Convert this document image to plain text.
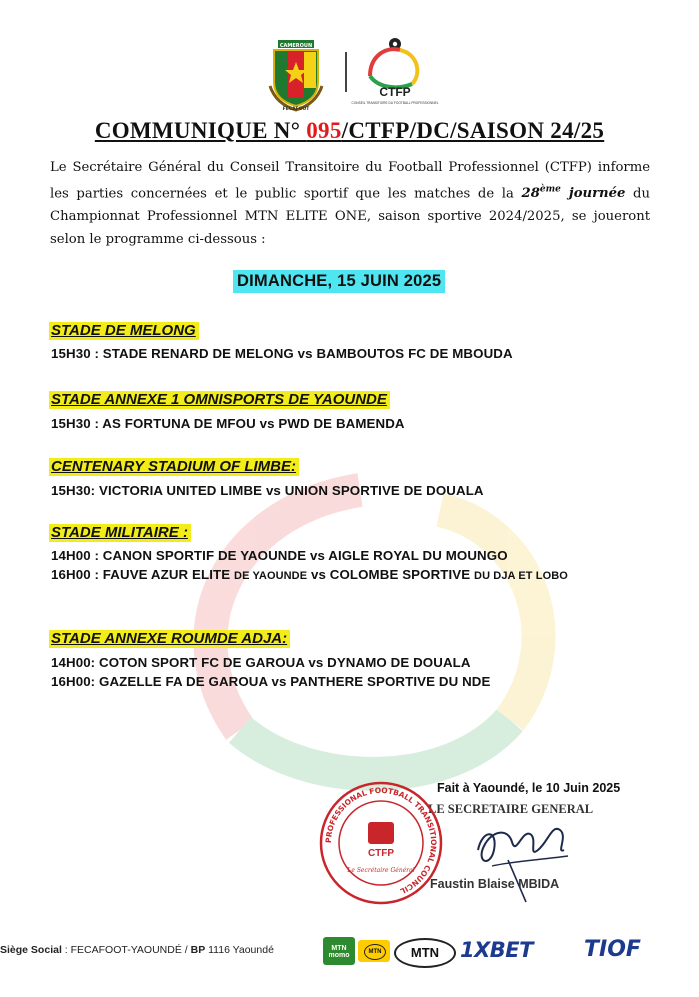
CAMEROUN
FECAFOOT
CTFP
CONSEIL TRANSITOIRE DU FOOTBALL PROFESSIONNEL
COMMUNIQUE N° 095/CTFP/DC/SAISON 24/25
Le Secrétaire Général du Conseil Transitoire du Football Professionnel (CTFP) informe les parties concernées et le public sportif que les matches de la 28ème journée du Championnat Professionnel MTN ELITE ONE, saison sportive 2024/2025, se joueront selon le programme ci-dessous :
DIMANCHE, 15 JUIN 2025
STADE DE MELONG
15H30 : STADE RENARD DE MELONG vs BAMBOUTOS FC DE MBOUDA
STADE ANNEXE 1 OMNISPORTS DE YAOUNDE
15H30 : AS FORTUNA DE MFOU vs PWD DE BAMENDA
CENTENARY STADIUM OF LIMBE:
15H30: VICTORIA UNITED LIMBE vs UNION SPORTIVE DE DOUALA
STADE MILITAIRE :
14H00 : CANON SPORTIF DE YAOUNDE vs AIGLE ROYAL DU MOUNGO
16H00 : FAUVE AZUR ELITE DE YAOUNDE vs COLOMBE SPORTIVE DU DJA ET LOBO
STADE ANNEXE ROUMDE ADJA:
14H00: COTON SPORT FC DE GAROUA vs DYNAMO DE DOUALA
16H00: GAZELLE FA DE GAROUA vs PANTHERE SPORTIVE DU NDE
Fait à Yaoundé, le 10 Juin 2025
LE SECRETAIRE GENERAL
PROFESSIONAL FOOTBALL TRANSITIONAL COUNCIL
CTFP
Le Secrétaire Général
Faustin Blaise MBIDA
Siège Social : FECAFOOT-YAOUNDÉ / BP 1116 Yaoundé	MTN momo	MTN	MTN 1XBET TIOF
